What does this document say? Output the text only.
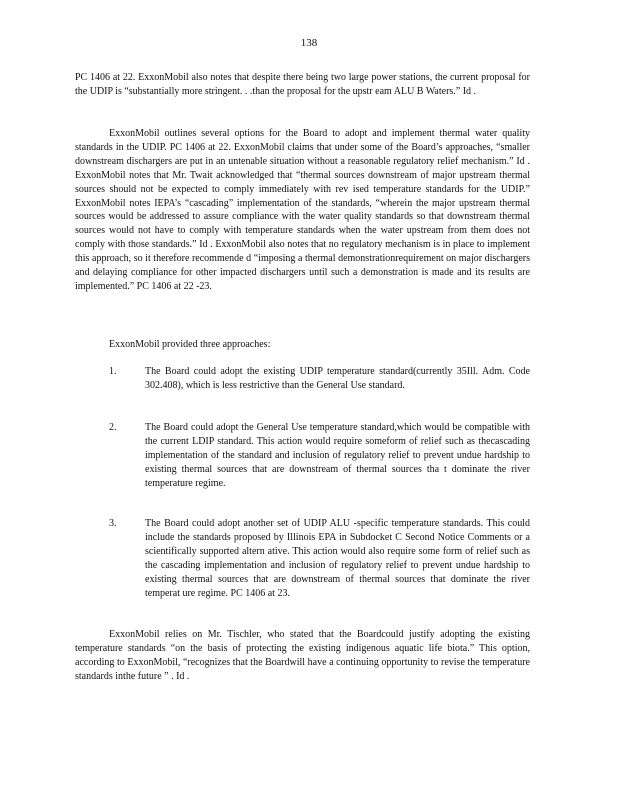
138

PC 1406 at 22. ExxonMobil also notes that despite there being two large power stations, the current proposal for the UDIP is “substantially more stringent. . .than the proposal for the upstr eam ALU B Waters.” Id .

ExxonMobil outlines several options for the Board to adopt and implement thermal water quality standards in the UDIP. PC 1406 at 22. ExxonMobil claims that under some of the Board’s approaches, “smaller downstream dischargers are put in an untenable situation without a reasonable regulatory relief mechanism.” Id . ExxonMobil notes that Mr. Twait acknowledged that “thermal sources downstream of major upstream thermal sources should not be expected to comply immediately with rev ised temperature standards for the UDIP.” ExxonMobil notes IEPA’s “cascading” implementation of the standards, “wherein the major upstream thermal sources would be addressed to assure compliance with the water quality standards so that downstream thermal sources would not have to comply with temperature standards when the water upstream from them does not comply with those standards.” Id . ExxonMobil also notes that no regulatory mechanism is in place to implement this approach, so it therefore recommende d “imposing a thermal demonstrationrequirement on major dischargers and delaying compliance for other impacted dischargers until such a demonstration is made and its results are implemented.” PC 1406 at 22 -23.

ExxonMobil provided three approaches:

1.	The Board could adopt the existing UDIP temperature standard(currently 35Ill. Adm. Code 302.408), which is less restrictive than the General Use standard.
2.	The Board could adopt the General Use temperature standard,which would be compatible with the current LDIP standard. This action would require someform of relief such as thecascading implementation of the standard and inclusion of regulatory relief to prevent undue hardship to existing thermal sources that are downstream of thermal sources tha t dominate the river temperature regime.
3.	The Board could adopt another set of UDIP ALU -specific temperature standards. This could include the standards proposed by Illinois EPA in Subdocket C Second Notice Comments or a scientifically supported altern ative. This action would also require some form of relief such as the cascading implementation and inclusion of regulatory relief to prevent undue hardship to existing thermal sources that are downstream of thermal sources that dominate the river temperat ure regime. PC 1406 at 23.

ExxonMobil relies on Mr. Tischler, who stated that the Boardcould justify adopting the existing temperature standards “on the basis of protecting the existing indigenous aquatic life biota.” This option, according to ExxonMobil, “recognizes that the Boardwill have a continuing opportunity to revise the temperature standards inthe future ” . Id .
